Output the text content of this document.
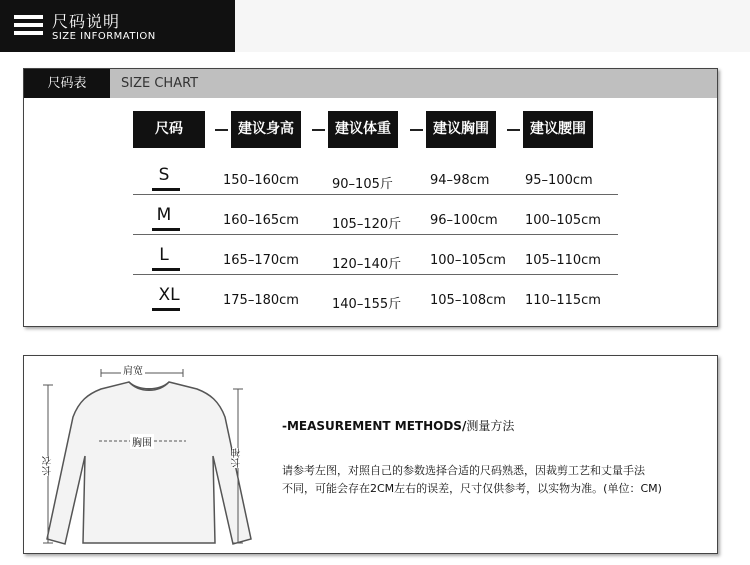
尺码说明
SIZE INFORMATION
尺码表	SIZE CHART
尺码	建议身高	建议体重	建议胸围	建议腰围
S	150–160cm	90–105斤	94–98cm	95–100cm
M	160–165cm	105–120斤 96–100cm 100–105cm
L	165–170cm	120–140斤 100–105cm 105–110cm
XL	175–180cm	140–155斤 105–108cm 110–115cm
肩宽
胸围
长衣	长袖
-MEASUREMENT METHODS/测量方法
请参考左图，对照自己的参数选择合适的尺码熟悉，因裁剪工艺和丈量手法
不同，可能会存在2CM左右的误差，尺寸仅供参考，以实物为准。(单位：CM)
